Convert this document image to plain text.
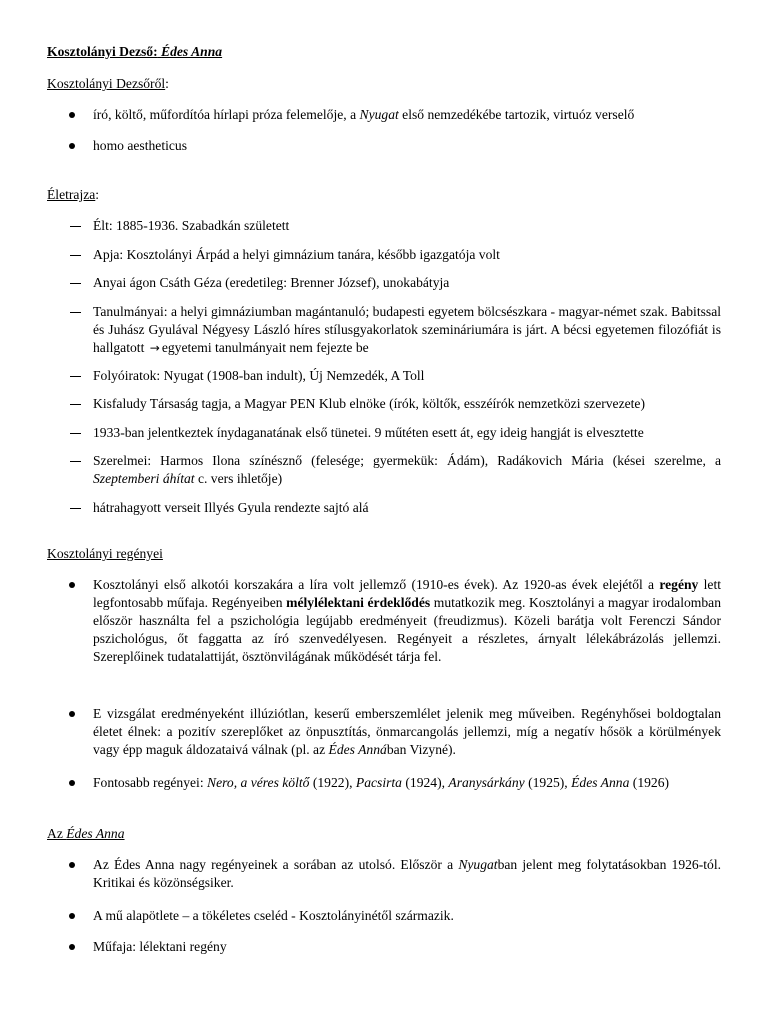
Kosztolányi Dezső: Édes Anna
Kosztolányi Dezsőről:
író, költő, műfordítóa hírlapi próza felemelője, a Nyugat első nemzedékébe tartozik, virtuóz verselő
homo aestheticus
Életrajza:
Élt: 1885-1936. Szabadkán született
Apja: Kosztolányi Árpád a helyi gimnázium tanára, később igazgatója volt
Anyai ágon Csáth Géza (eredetileg: Brenner József), unokabátyja
Tanulmányai: a helyi gimnáziumban magántanuló; budapesti egyetem bölcsészkara - magyar-német szak. Babitssal és Juhász Gyulával Négyesy László híres stílusgyakorlatok szemináriumára is járt. A bécsi egyetemen filozófiát is hallgatott → egyetemi tanulmányait nem fejezte be
Folyóiratok: Nyugat (1908-ban indult), Új Nemzedék, A Toll
Kisfaludy Társaság tagja, a Magyar PEN Klub elnöke (írók, költők, esszéírók nemzetközi szervezete)
1933-ban jelentkeztek ínydaganatának első tünetei. 9 műtéten esett át, egy ideig hangját is elvesztette
Szerelmei: Harmos Ilona színésznő (felesége; gyermekük: Ádám), Radákovich Mária (kései szerelme, a Szeptemberi áhítat c. vers ihletője)
hátrahagyott verseit Illyés Gyula rendezte sajtó alá
Kosztolányi regényei
Kosztolányi első alkotói korszakára a líra volt jellemző (1910-es évek). Az 1920-as évek elejétől a regény lett legfontosabb műfaja. Regényeiben mélylélektani érdeklődés mutatkozik meg. Kosztolányi a magyar irodalomban először használta fel a pszichológia legújabb eredményeit (freudizmus). Közeli barátja volt Ferenczi Sándor pszichológus, őt faggatta az író szenvedélyesen. Regényeit a részletes, árnyalt lélekábrázolás jellemzi. Szereplőinek tudatalattiját, ösztönvilágának működését tárja fel.
E vizsgálat eredményeként illúziótlan, keserű emberszemlélet jelenik meg műveiben. Regényhősei boldogtalan életet élnek: a pozitív szereplőket az önpusztítás, önmarcangolás jellemzi, míg a negatív hősök a körülmények vagy épp maguk áldozataivá válnak (pl. az Édes Annában Vizyné).
Fontosabb regényei: Nero, a véres költő (1922), Pacsirta (1924), Aranysárkány (1925), Édes Anna (1926)
Az Édes Anna
Az Édes Anna nagy regényeinek a sorában az utolsó. Először a Nyugatban jelent meg folytatásokban 1926-tól. Kritikai és közönségsiker.
A mű alapötlete – a tökéletes cseléd - Kosztolányinétől származik.
Műfaja: lélektani regény
